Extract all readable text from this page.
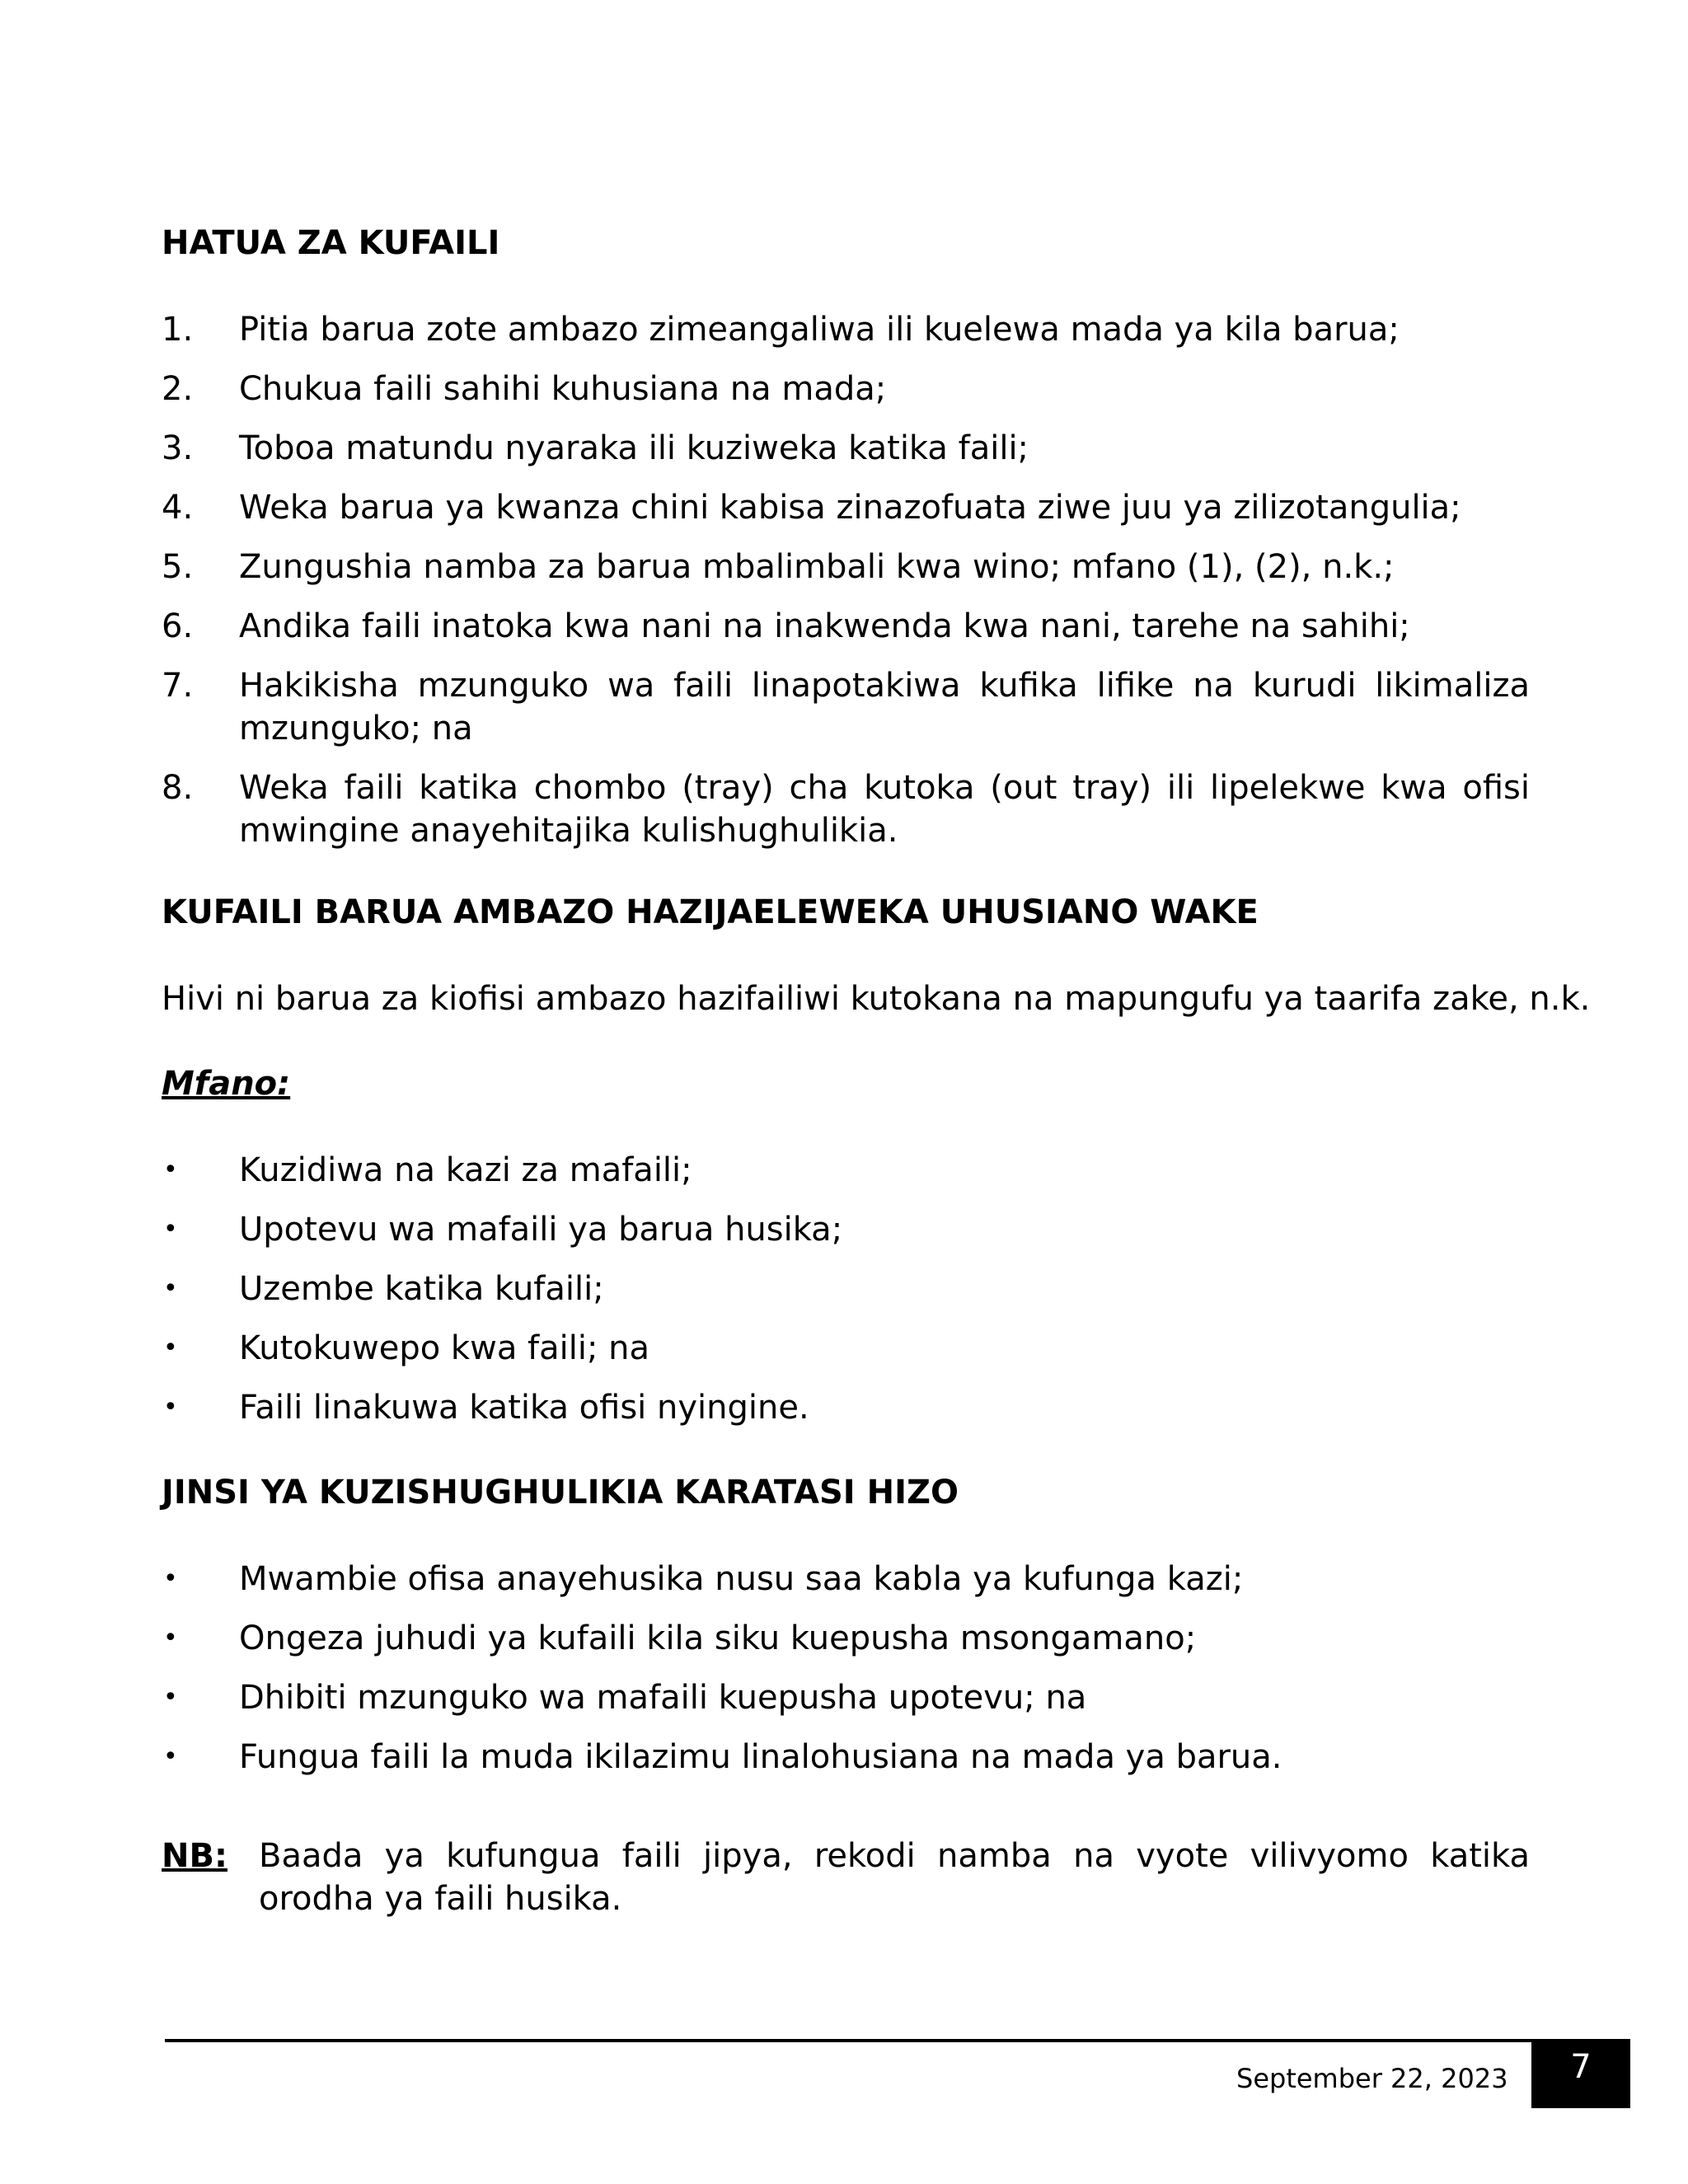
HATUA ZA KUFAILI
1.	Pitia barua zote ambazo zimeangaliwa ili kuelewa mada ya kila barua;
2.	Chukua faili sahihi kuhusiana na mada;
3.	Toboa matundu nyaraka ili kuziweka katika faili;
4.	Weka barua ya kwanza chini kabisa zinazofuata ziwe juu ya zilizotangulia;
5.	Zungushia namba za barua mbalimbali kwa wino; mfano (1), (2), n.k.;
6.	Andika faili inatoka kwa nani na inakwenda kwa nani, tarehe na sahihi;
7.	Hakikisha mzunguko wa faili linapotakiwa kufika lifike na kurudi likimaliza mzunguko; na
8.	Weka faili katika chombo (tray) cha kutoka (out tray) ili lipelekwe kwa ofisi mwingine anayehitajika kulishughulikia.
KUFAILI BARUA AMBAZO HAZIJAELEWEKA UHUSIANO WAKE
Hivi ni barua za kiofisi ambazo hazifailiwi kutokana na mapungufu ya taarifa zake, n.k.
Mfano:
•	Kuzidiwa na kazi za mafaili;
•	Upotevu wa mafaili ya barua husika;
•	Uzembe katika kufaili;
•	Kutokuwepo kwa faili; na
•	Faili linakuwa katika ofisi nyingine.
JINSI YA KUZISHUGHULIKIA KARATASI HIZO
•	Mwambie ofisa anayehusika nusu saa kabla ya kufunga kazi;
•	Ongeza juhudi ya kufaili kila siku kuepusha msongamano;
•	Dhibiti mzunguko wa mafaili kuepusha upotevu; na
•	Fungua faili la muda ikilazimu linalohusiana na mada ya barua.
NB: Baada ya kufungua faili jipya, rekodi namba na vyote vilivyomo katika orodha ya faili husika.
September 22, 2023	7
